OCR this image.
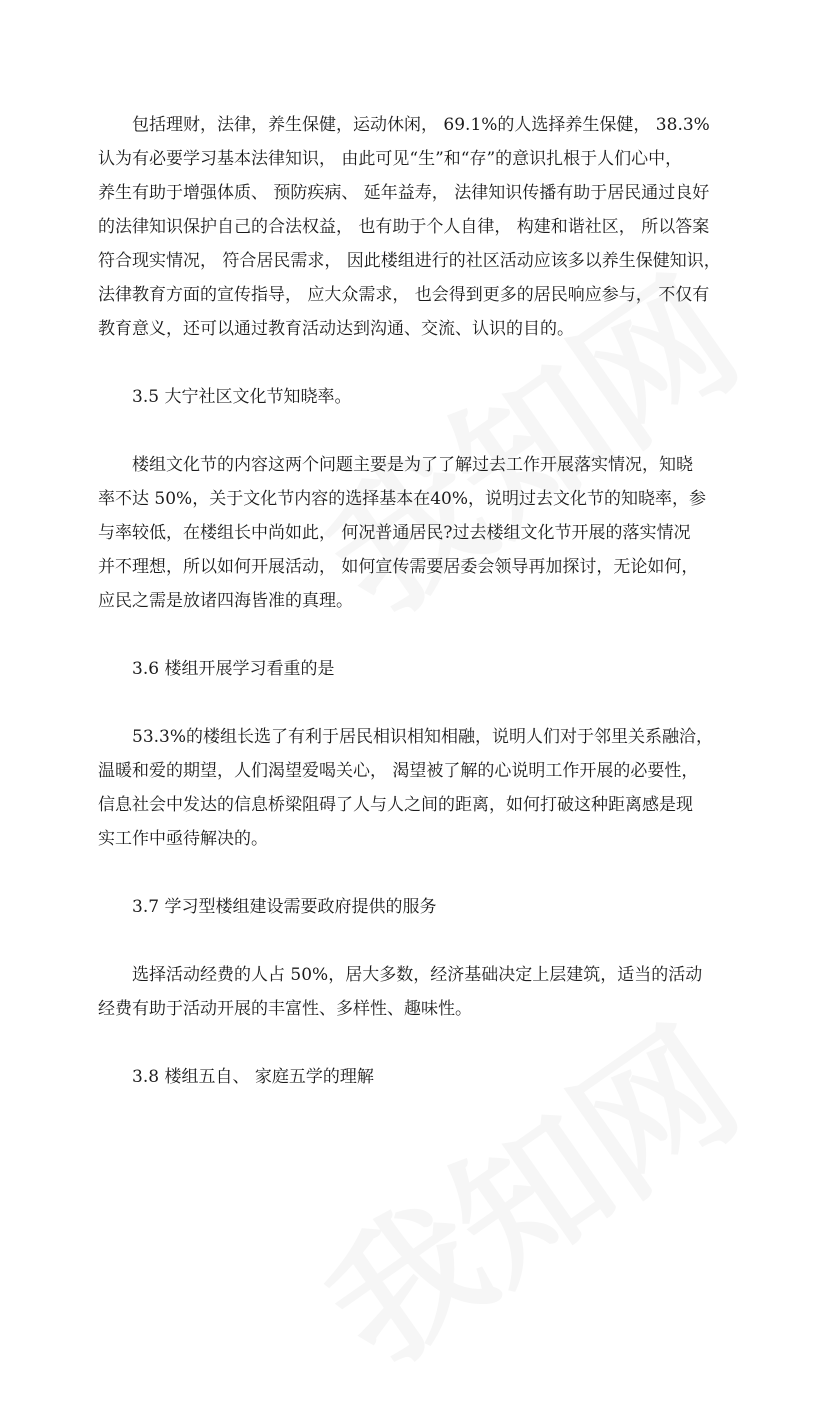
包括理财，法律，养生保健，运动休闲， 69.1%的人选择养生保健， 38.3%
认为有必要学习基本法律知识， 由此可见“生”和“存”的意识扎根于人们心中，
养生有助于增强体质、 预防疾病、 延年益寿， 法律知识传播有助于居民通过良好
的法律知识保护自己的合法权益， 也有助于个人自律， 构建和谐社区， 所以答案
符合现实情况， 符合居民需求， 因此楼组进行的社区活动应该多以养生保健知识，
法律教育方面的宣传指导， 应大众需求， 也会得到更多的居民响应参与， 不仅有
教育意义，还可以通过教育活动达到沟通、交流、认识的目的。
3.5 大宁社区文化节知晓率。
楼组文化节的内容这两个问题主要是为了了解过去工作开展落实情况，知晓
率不达 50%，关于文化节内容的选择基本在40%，说明过去文化节的知晓率，参
与率较低，在楼组长中尚如此， 何况普通居民?过去楼组文化节开展的落实情况
并不理想，所以如何开展活动， 如何宣传需要居委会领导再加探讨，无论如何，
应民之需是放诸四海皆准的真理。
3.6 楼组开展学习看重的是
53.3%的楼组长选了有利于居民相识相知相融，说明人们对于邻里关系融洽，
温暖和爱的期望，人们渴望爱喝关心， 渴望被了解的心说明工作开展的必要性，
信息社会中发达的信息桥梁阻碍了人与人之间的距离，如何打破这种距离感是现
实工作中亟待解决的。
3.7 学习型楼组建设需要政府提供的服务
选择活动经费的人占 50%，居大多数，经济基础决定上层建筑，适当的活动
经费有助于活动开展的丰富性、多样性、趣味性。
3.8 楼组五自、 家庭五学的理解
